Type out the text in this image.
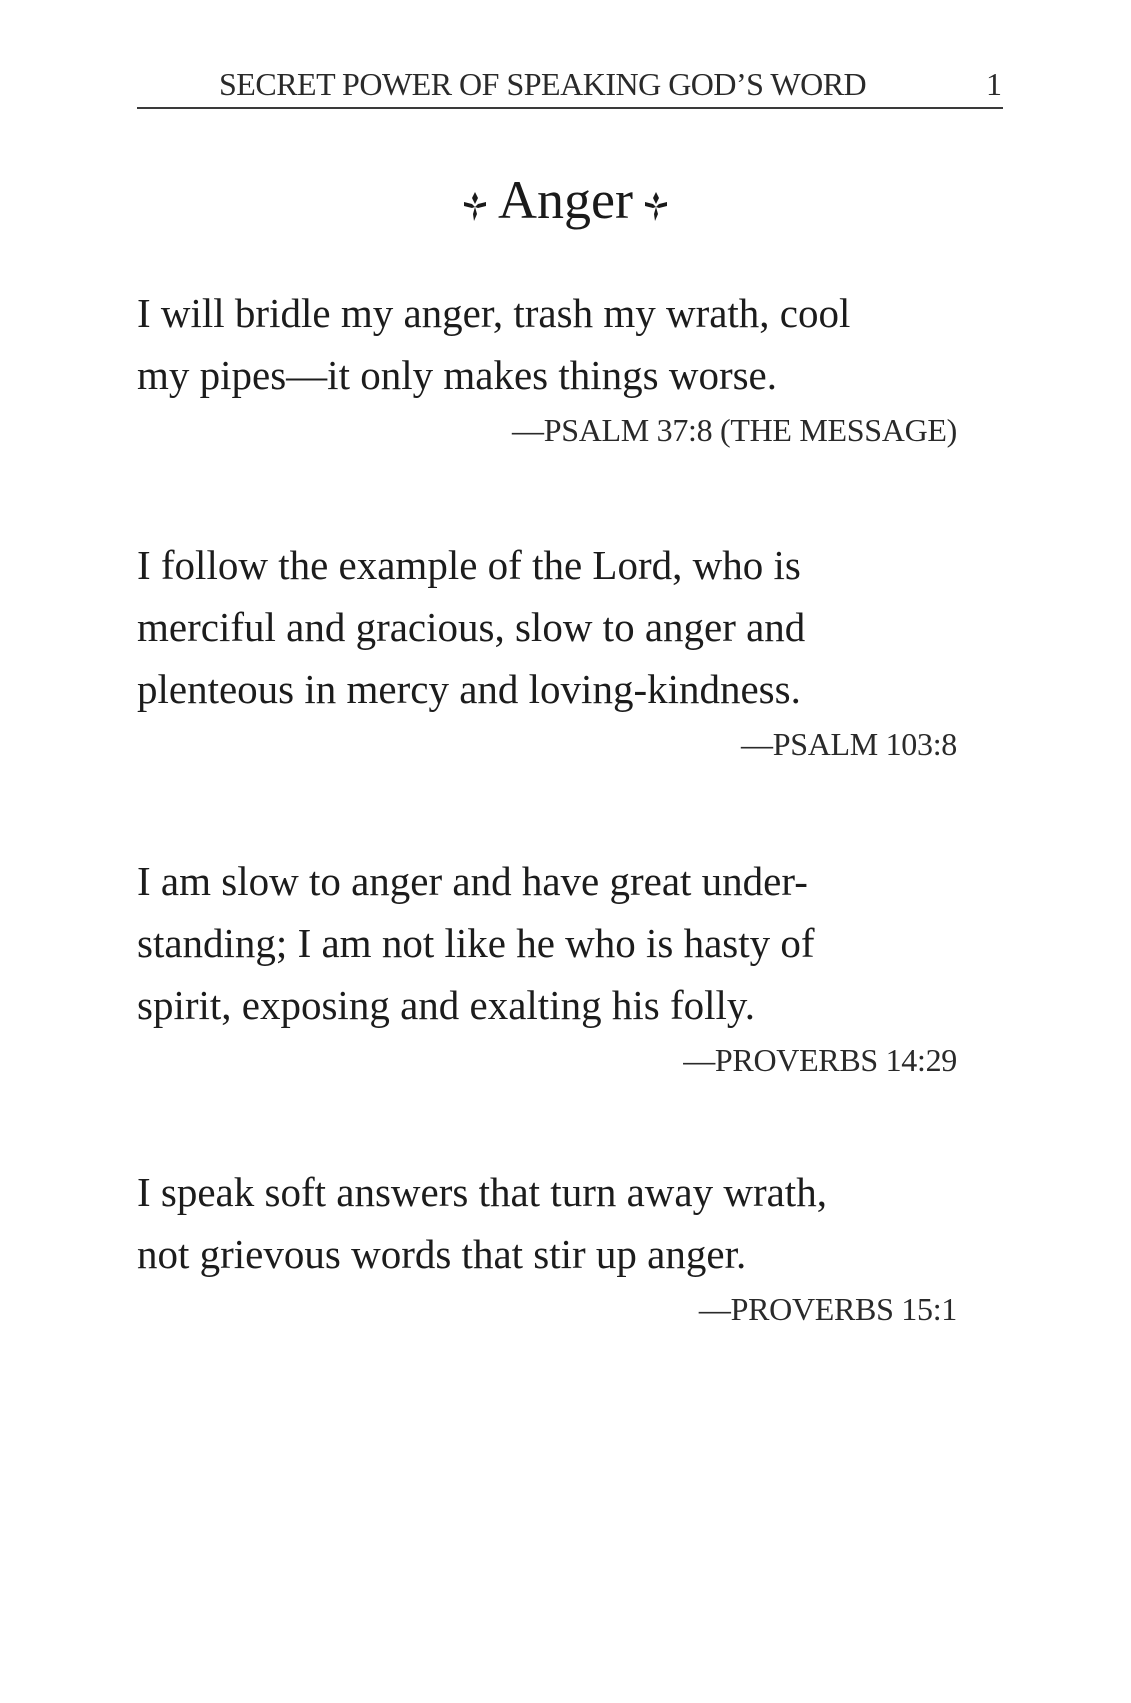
SECRET POWER OF SPEAKING GOD’S WORD	1
Anger

I will bridle my anger, trash my wrath, cool
my pipes—it only makes things worse.

—PSALM 37:8 (THE MESSAGE)

I follow the example of the Lord, who is
merciful and gracious, slow to anger and
plenteous in mercy and loving-kindness.

—PSALM 103:8

I am slow to anger and have great under-
standing; I am not like he who is hasty of
spirit, exposing and exalting his folly.

—PROVERBS 14:29

I speak soft answers that turn away wrath,
not grievous words that stir up anger.

—PROVERBS 15:1
